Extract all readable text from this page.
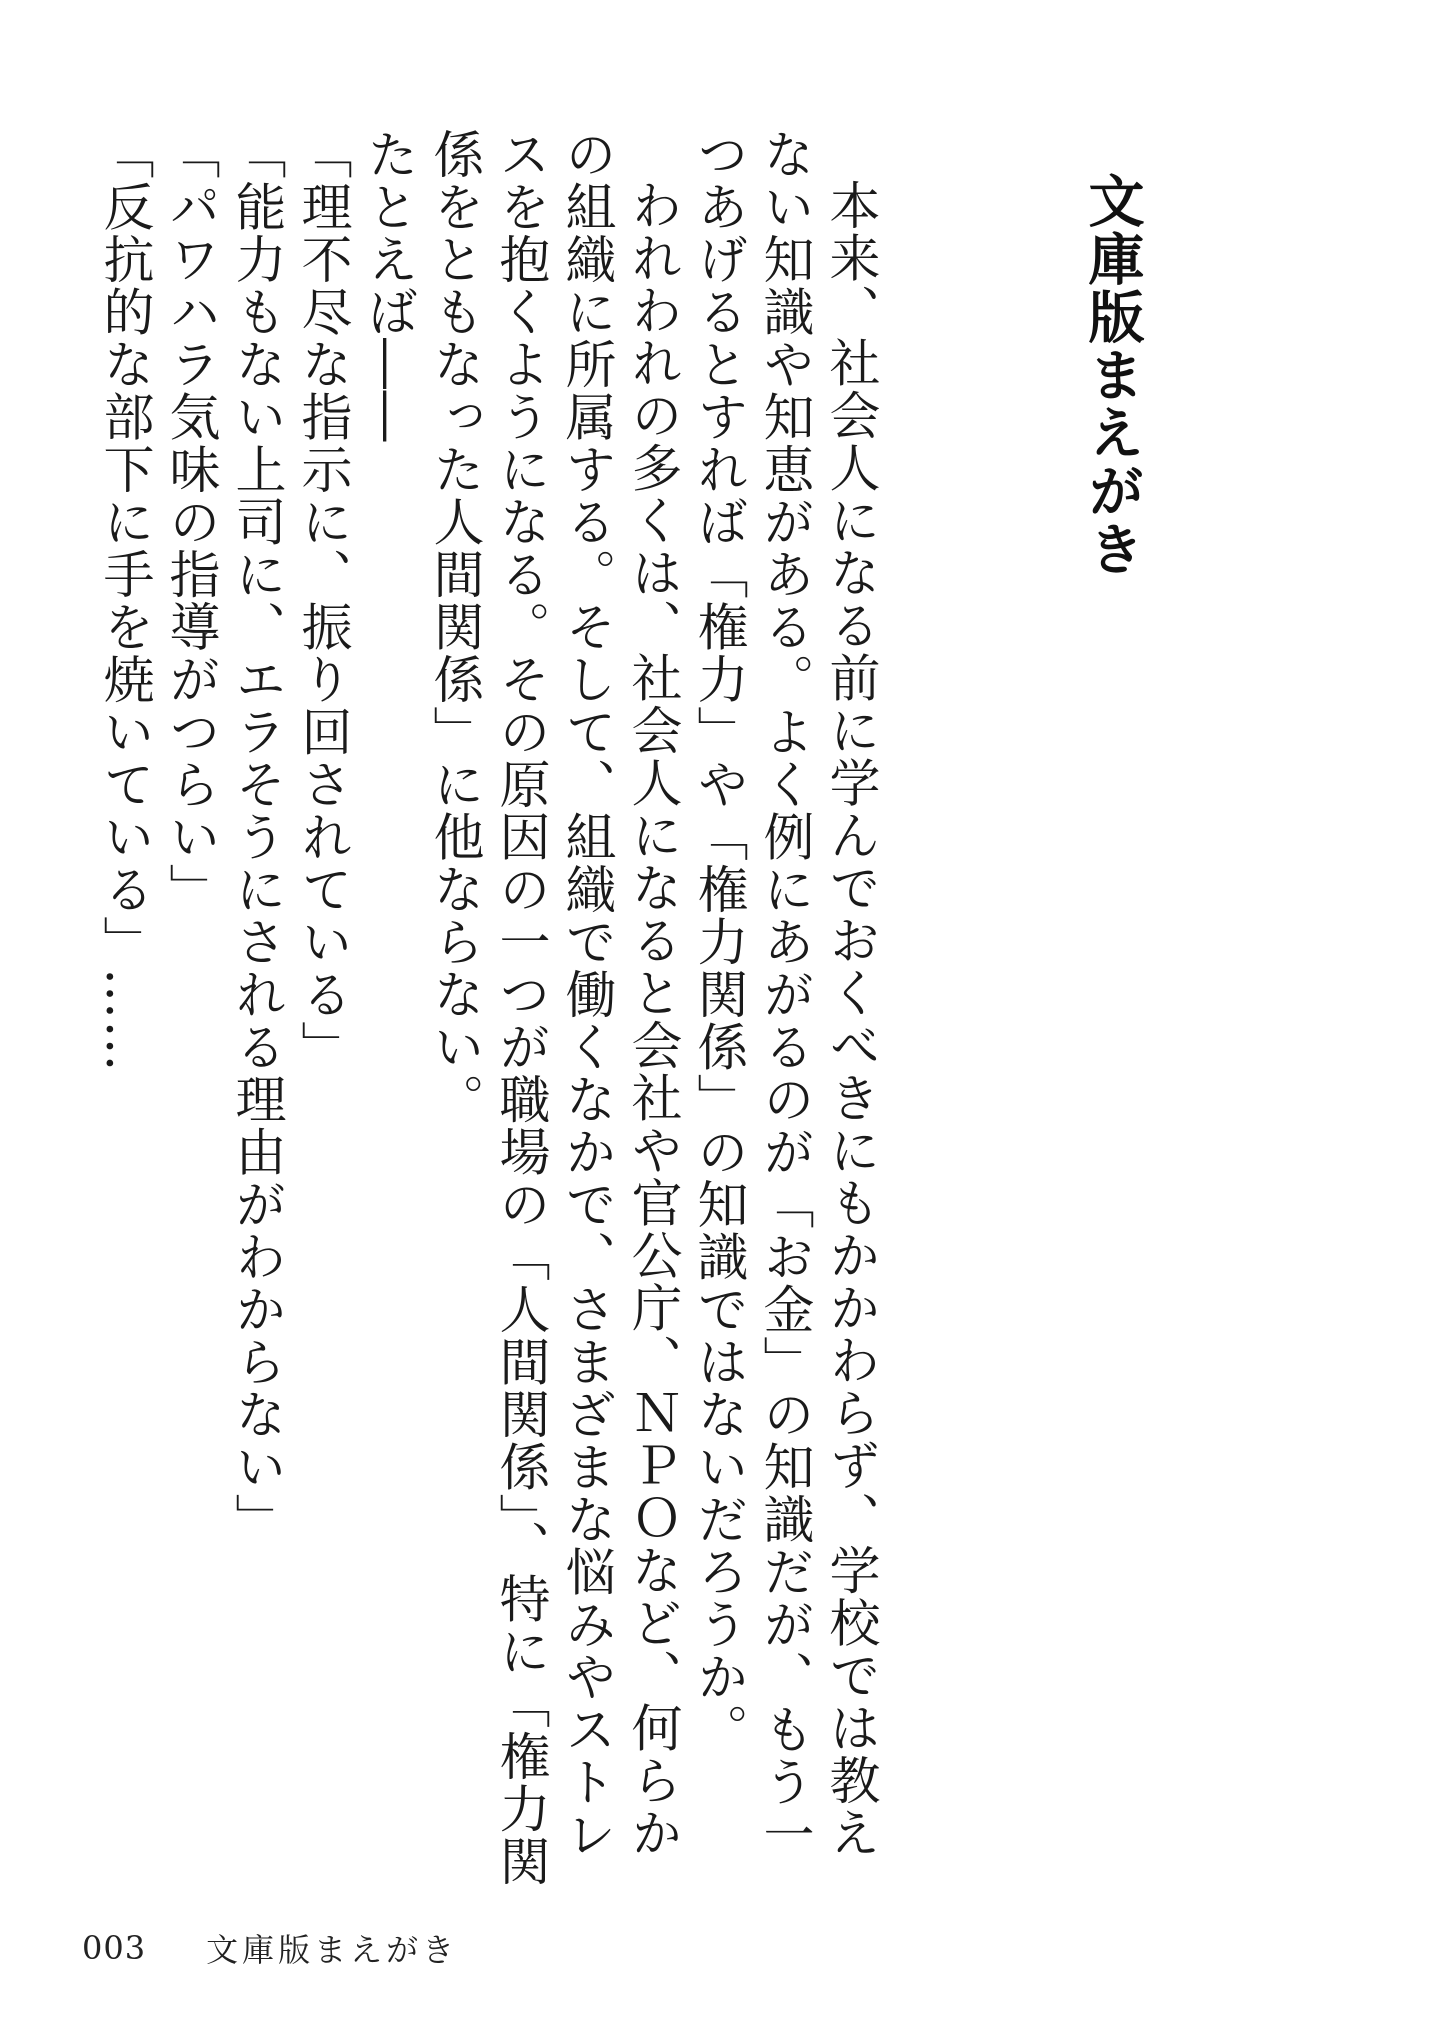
文庫版まえがき

本来、社会人になる前に学んでおくべきにもかかわらず、学校では教えない知識や知恵がある。よく例にあがるのが「お金」の知識だが、もう一つあげるとすれば「権力」や「権力関係」の知識ではないだろうか。

われわれの多くは、社会人になると会社や官公庁、ＮＰＯなど、何らかの組織に所属する。そして、組織で働くなかで、さまざまな悩みやストレスを抱くようになる。その原因の一つが職場の「人間関係」、特に「権力関係をともなった人間関係」に他ならない。

たとえば――

「理不尽な指示に、振り回されている」

「能力もない上司に、エラそうにされる理由がわからない」

「パワハラ気味の指導がつらい」

「反抗的な部下に手を焼いている」……

003 文庫版まえがき
